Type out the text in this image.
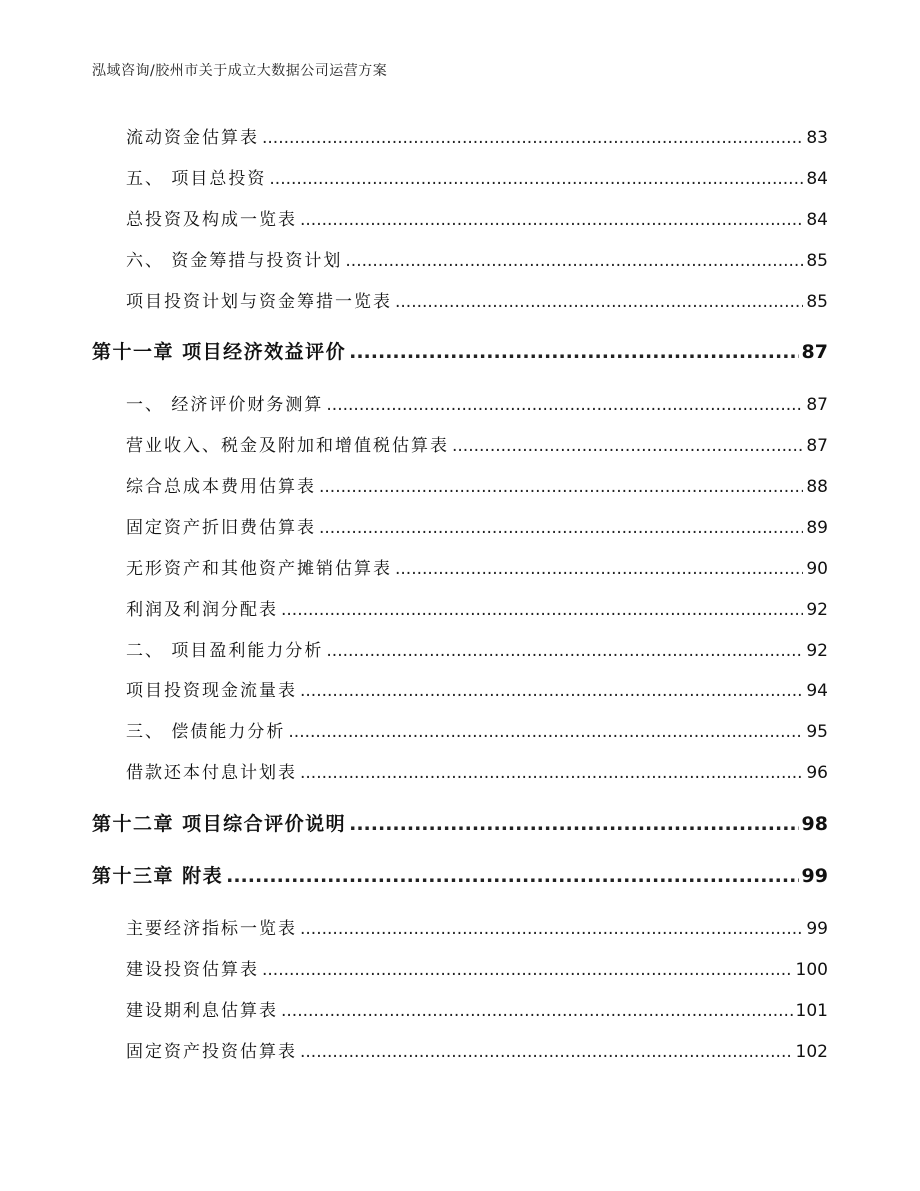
泓域咨询/胶州市关于成立大数据公司运营方案
流动资金估算表 .....	83
五、 项目总投资 .....	84
总投资及构成一览表 .....	84
六、 资金筹措与投资计划 .....	85
项目投资计划与资金筹措一览表 .....	85
第十一章 项目经济效益评价 .....	87
一、 经济评价财务测算 .....	87
营业收入、税金及附加和增值税估算表 .....	87
综合总成本费用估算表 .....	88
固定资产折旧费估算表 .....	89
无形资产和其他资产摊销估算表 .....	90
利润及利润分配表 .....	92
二、 项目盈利能力分析 .....	92
项目投资现金流量表 .....	94
三、 偿债能力分析 .....	95
借款还本付息计划表 .....	96
第十二章 项目综合评价说明 .....	98
第十三章 附表 .....	99
主要经济指标一览表 .....	99
建设投资估算表 .....	100
建设期利息估算表 .....	101
固定资产投资估算表 .....	102
